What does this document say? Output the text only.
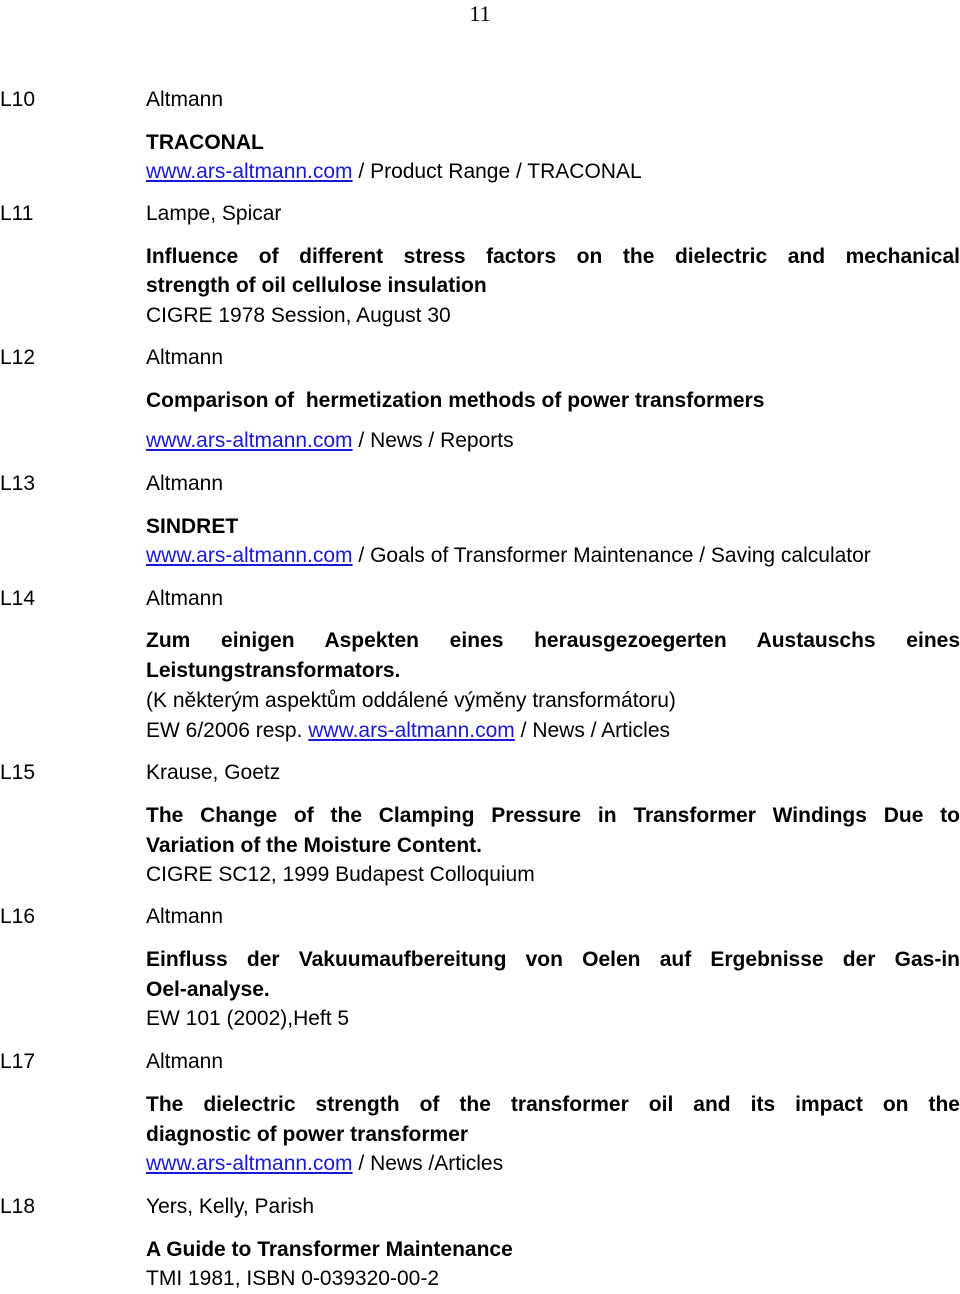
11
L10	Altmann
TRACONAL
www.ars-altmann.com / Product Range / TRACONAL
L11	Lampe, Spicar
Influence of different stress factors on the dielectric and mechanical
strength of oil cellulose insulation
CIGRE 1978 Session, August 30
L12	Altmann
Comparison of  hermetization methods of power transformers
www.ars-altmann.com / News / Reports
L13	Altmann
SINDRET
www.ars-altmann.com / Goals of Transformer Maintenance / Saving calculator
L14	Altmann
Zum einigen Aspekten eines herausgezoegerten Austauschs eines
Leistungstransformators.
(K některým aspektům oddálené výměny transformátoru)
EW 6/2006 resp. www.ars-altmann.com / News / Articles
L15	Krause, Goetz
The Change of the Clamping Pressure in Transformer Windings Due to
Variation of the Moisture Content.
CIGRE SC12, 1999 Budapest Colloquium
L16	Altmann
Einfluss der Vakuumaufbereitung von Oelen auf Ergebnisse der Gas-in
Oel-analyse.
EW 101 (2002),Heft 5
L17	Altmann
The dielectric strength of the transformer oil and its impact on the
diagnostic of power transformer
www.ars-altmann.com / News /Articles
L18	Yers, Kelly, Parish
A Guide to Transformer Maintenance
TMI 1981, ISBN 0-039320-00-2
